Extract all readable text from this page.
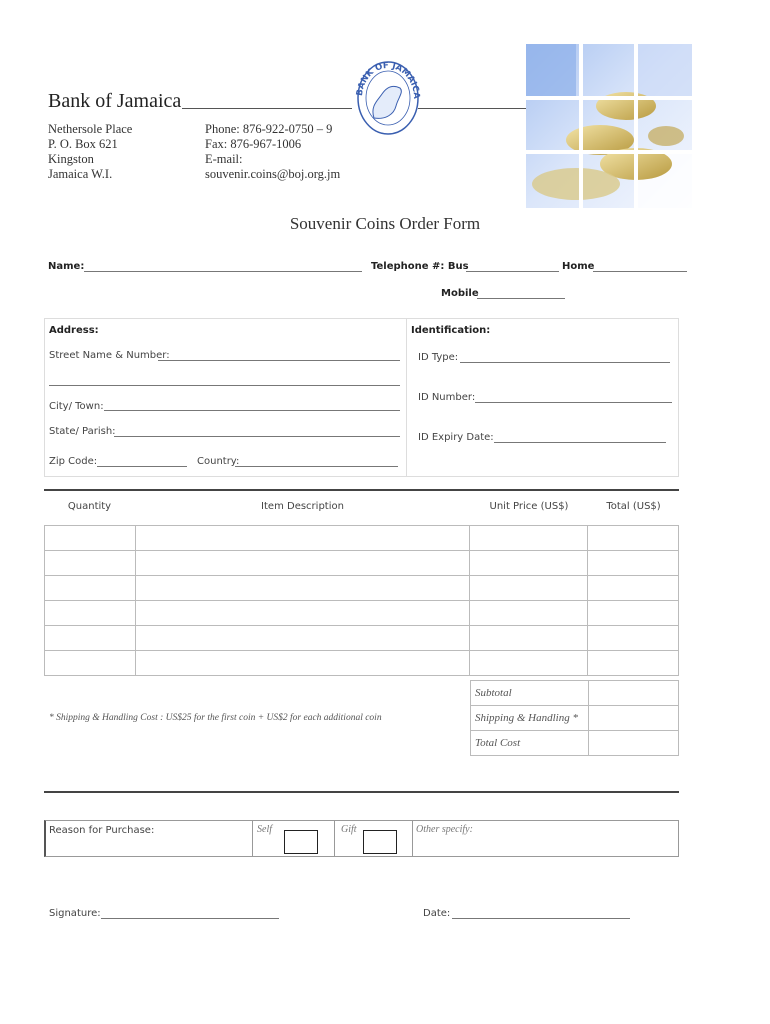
Bank of Jamaica	BANK OF JAMAICA
Nethersole Place
P. O. Box 621
Kingston
Jamaica W.I.
Phone: 876-922-0750 – 9
Fax: 876-967-1006
E-mail:
souvenir.coins@boj.org.jm
Souvenir Coins Order Form
Name:	Telephone #: Bus	Home
Mobile
Address:
Street Name & Number:
City/ Town:
State/ Parish:
Zip Code:	Country:
Identification:
ID Type:
ID Number:
ID Expiry Date:
Quantity	Item Description	Unit Price (US$)	Total (US$)

Subtotal	
Shipping & Handling *	
Total Cost	
* Shipping & Handling Cost : US$25 for the first coin + US$2 for each additional coin
Reason for Purchase:	Self	Gift	Other specify:
Signature:	Date:
